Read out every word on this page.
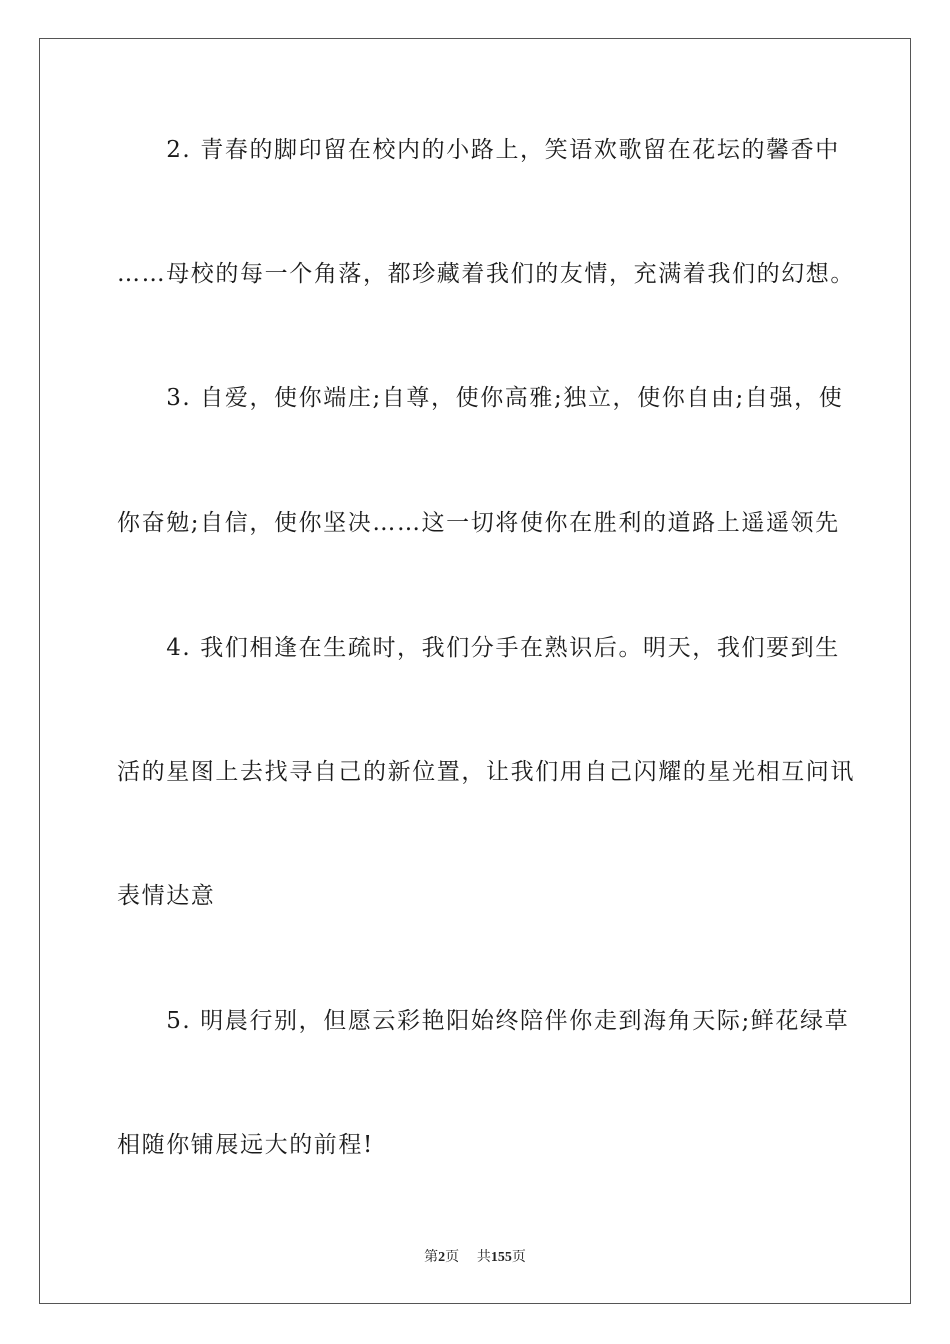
　　2. 青春的脚印留在校内的小路上，笑语欢歌留在花坛的馨香中
……母校的每一个角落，都珍藏着我们的友情，充满着我们的幻想。
　　3. 自爱，使你端庄;自尊，使你高雅;独立，使你自由;自强，使
你奋勉;自信，使你坚决……这一切将使你在胜利的道路上遥遥领先
　　4. 我们相逢在生疏时，我们分手在熟识后。明天，我们要到生
活的星图上去找寻自己的新位置，让我们用自己闪耀的星光相互问讯
表情达意
　　5. 明晨行别，但愿云彩艳阳始终陪伴你走到海角天际;鲜花绿草
相随你铺展远大的前程!
第2页 共155页
